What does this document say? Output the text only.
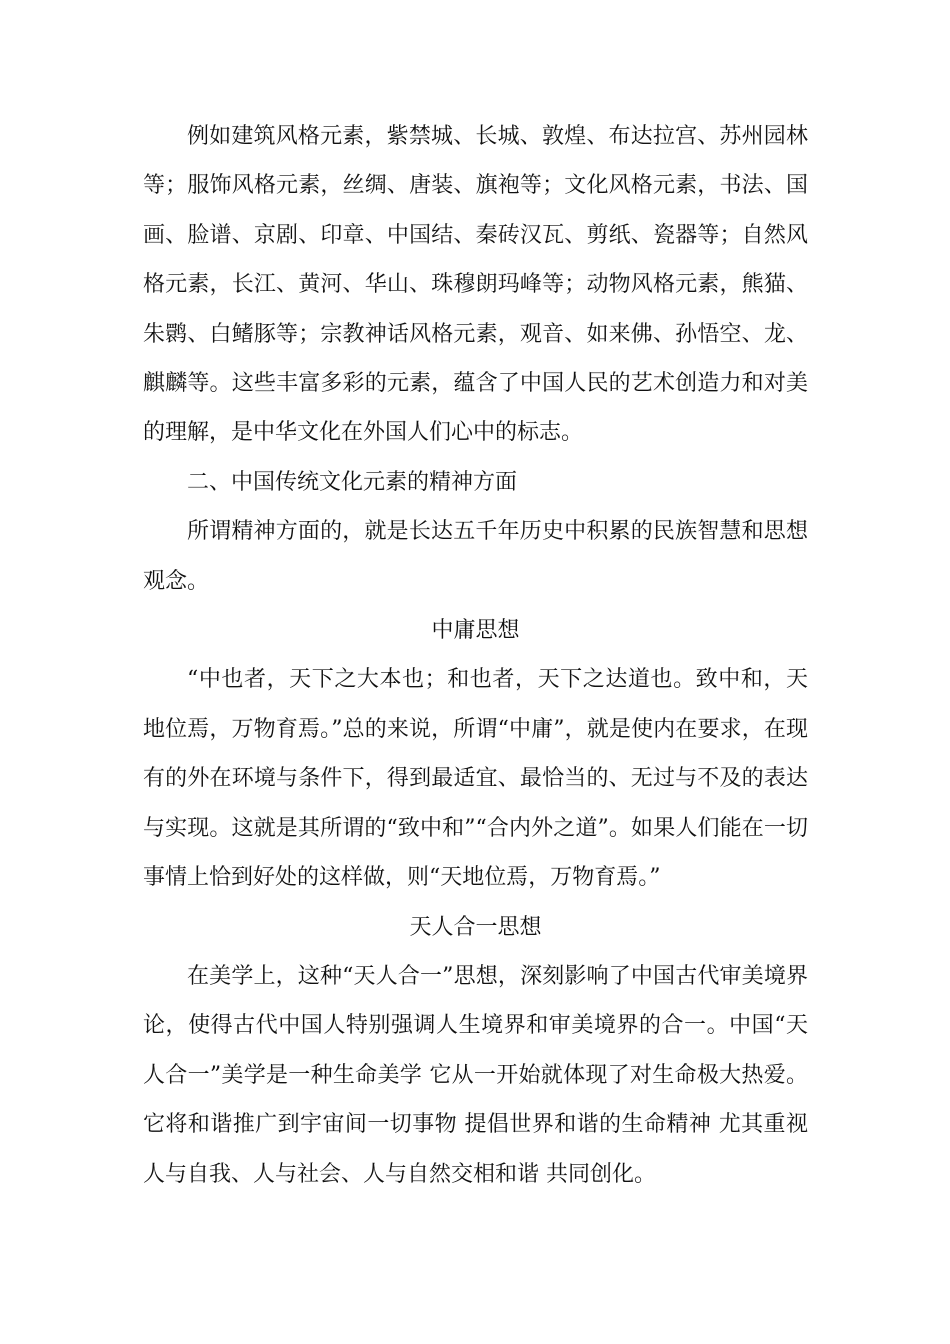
例如建筑风格元素，紫禁城、长城、敦煌、布达拉宫、苏州园林等；服饰风格元素，丝绸、唐装、旗袍等；文化风格元素，书法、国画、脸谱、京剧、印章、中国结、秦砖汉瓦、剪纸、瓷器等；自然风格元素，长江、黄河、华山、珠穆朗玛峰等；动物风格元素，熊猫、朱鹮、白鳍豚等；宗教神话风格元素，观音、如来佛、孙悟空、龙、麒麟等。这些丰富多彩的元素，蕴含了中国人民的艺术创造力和对美的理解，是中华文化在外国人们心中的标志。

二、中国传统文化元素的精神方面

所谓精神方面的，就是长达五千年历史中积累的民族智慧和思想观念。

中庸思想

“中也者，天下之大本也；和也者，天下之达道也。致中和，天地位焉，万物育焉。”总的来说，所谓“中庸”，就是使内在要求，在现有的外在环境与条件下，得到最适宜、最恰当的、无过与不及的表达与实现。这就是其所谓的“致中和”“合内外之道”。如果人们能在一切事情上恰到好处的这样做，则“天地位焉，万物育焉。”

天人合一思想

在美学上，这种“天人合一”思想，深刻影响了中国古代审美境界论，使得古代中国人特别强调人生境界和审美境界的合一。中国“天人合一”美学是一种生命美学 它从一开始就体现了对生命极大热爱。它将和谐推广到宇宙间一切事物 提倡世界和谐的生命精神 尤其重视人与自我、人与社会、人与自然交相和谐 共同创化。
